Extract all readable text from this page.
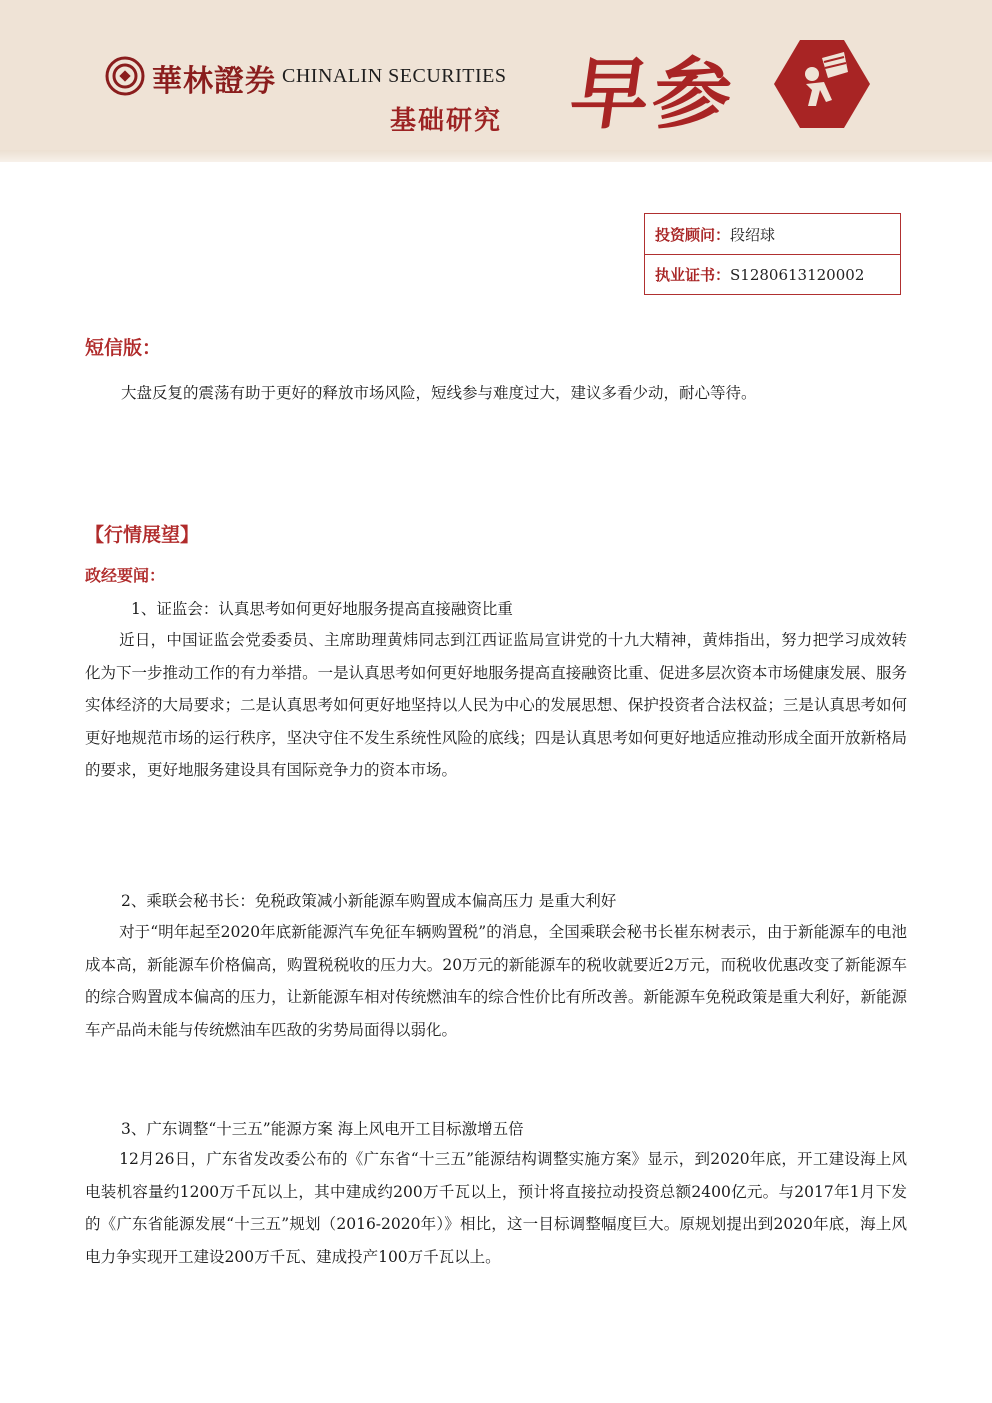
華林證券 CHINALIN SECURITIES
基础研究 早参
投资顾问： 段绍球
执业证书： S1280613120002
短信版：
大盘反复的震荡有助于更好的释放市场风险，短线参与难度过大，建议多看少动，耐心等待。
【行情展望】
政经要闻：
1、证监会：认真思考如何更好地服务提高直接融资比重

近日，中国证监会党委委员、主席助理黄炜同志到江西证监局宣讲党的十九大精神，黄炜指出，努力把学习成效转化为下一步推动工作的有力举措。一是认真思考如何更好地服务提高直接融资比重、促进多层次资本市场健康发展、服务实体经济的大局要求；二是认真思考如何更好地坚持以人民为中心的发展思想、保护投资者合法权益；三是认真思考如何更好地规范市场的运行秩序，坚决守住不发生系统性风险的底线；四是认真思考如何更好地适应推动形成全面开放新格局的要求，更好地服务建设具有国际竞争力的资本市场。

2、乘联会秘书长：免税政策减小新能源车购置成本偏高压力 是重大利好

对于“明年起至2020年底新能源汽车免征车辆购置税”的消息，全国乘联会秘书长崔东树表示，由于新能源车的电池成本高，新能源车价格偏高，购置税税收的压力大。20万元的新能源车的税收就要近2万元，而税收优惠改变了新能源车的综合购置成本偏高的压力，让新能源车相对传统燃油车的综合性价比有所改善。新能源车免税政策是重大利好，新能源车产品尚未能与传统燃油车匹敌的劣势局面得以弱化。

3、广东调整“十三五”能源方案 海上风电开工目标激增五倍

12月26日，广东省发改委公布的《广东省“十三五”能源结构调整实施方案》显示，到2020年底，开工建设海上风电装机容量约1200万千瓦以上，其中建成约200万千瓦以上，预计将直接拉动投资总额2400亿元。与2017年1月下发的《广东省能源发展“十三五”规划（2016-2020年）》相比，这一目标调整幅度巨大。原规划提出到2020年底，海上风电力争实现开工建设200万千瓦、建成投产100万千瓦以上。
